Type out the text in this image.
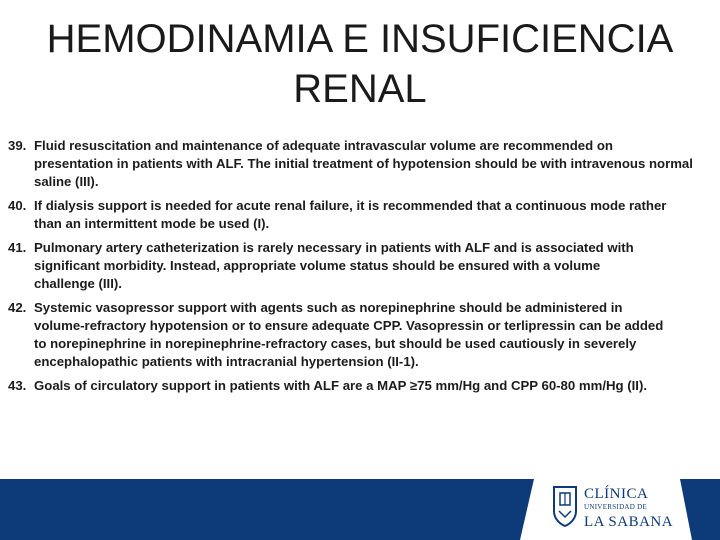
HEMODINAMIA E INSUFICIENCIA
RENAL
39. Fluid resuscitation and maintenance of adequate intravascular volume are recommended on
presentation in patients with ALF. The initial treatment of hypotension should be with intravenous normal
saline (III).
40. If dialysis support is needed for acute renal failure, it is recommended that a continuous mode rather
than an intermittent mode be used (I).
41. Pulmonary artery catheterization is rarely necessary in patients with ALF and is associated with
significant morbidity. Instead, appropriate volume status should be ensured with a volume
challenge (III).
42. Systemic vasopressor support with agents such as norepinephrine should be administered in
volume-refractory hypotension or to ensure adequate CPP. Vasopressin or terlipressin can be added
to norepinephrine in norepinephrine-refractory cases, but should be used cautiously in severely
encephalopathic patients with intracranial hypertension (II-1).
43. Goals of circulatory support in patients with ALF are a MAP ≥75 mm/Hg and CPP 60-80 mm/Hg (II).
CLÍNICA
UNIVERSIDAD DE
LA SABANA
